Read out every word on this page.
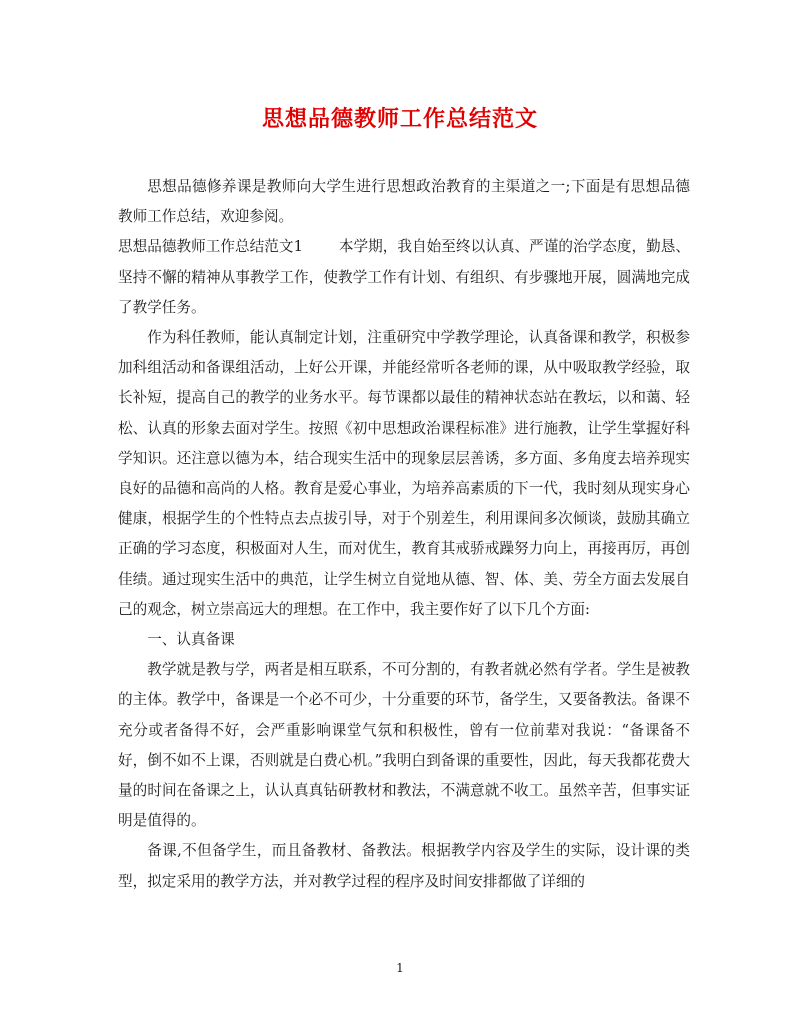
思想品德教师工作总结范文

思想品德修养课是教师向大学生进行思想政治教育的主渠道之一;下面是有思想品德教师工作总结，欢迎参阅。

思想品德教师工作总结范文1 本学期，我自始至终以认真、严谨的治学态度，勤恳、坚持不懈的精神从事教学工作，使教学工作有计划、有组织、有步骤地开展，圆满地完成了教学任务。

作为科任教师，能认真制定计划，注重研究中学教学理论，认真备课和教学，积极参加科组活动和备课组活动，上好公开课，并能经常听各老师的课，从中吸取教学经验，取长补短，提高自己的教学的业务水平。每节课都以最佳的精神状态站在教坛，以和蔼、轻松、认真的形象去面对学生。按照《初中思想政治课程标准》进行施教，让学生掌握好科学知识。还注意以德为本，结合现实生活中的现象层层善诱，多方面、多角度去培养现实良好的品德和高尚的人格。教育是爱心事业，为培养高素质的下一代，我时刻从现实身心健康，根据学生的个性特点去点拔引导，对于个别差生，利用课间多次倾谈，鼓励其确立正确的学习态度，积极面对人生，而对优生，教育其戒骄戒躁努力向上，再接再厉，再创佳绩。通过现实生活中的典范，让学生树立自觉地从德、智、体、美、劳全方面去发展自己的观念，树立崇高远大的理想。在工作中，我主要作好了以下几个方面:

一、认真备课

教学就是教与学，两者是相互联系，不可分割的，有教者就必然有学者。学生是被教的主体。教学中，备课是一个必不可少，十分重要的环节，备学生，又要备教法。备课不充分或者备得不好，会严重影响课堂气氛和积极性，曾有一位前辈对我说：“备课备不好，倒不如不上课，否则就是白费心机。”我明白到备课的重要性，因此，每天我都花费大量的时间在备课之上，认认真真钻研教材和教法，不满意就不收工。虽然辛苦，但事实证明是值得的。

备课,不但备学生，而且备教材、备教法。根据教学内容及学生的实际，设计课的类型，拟定采用的教学方法，并对教学过程的程序及时间安排都做了详细的

1
